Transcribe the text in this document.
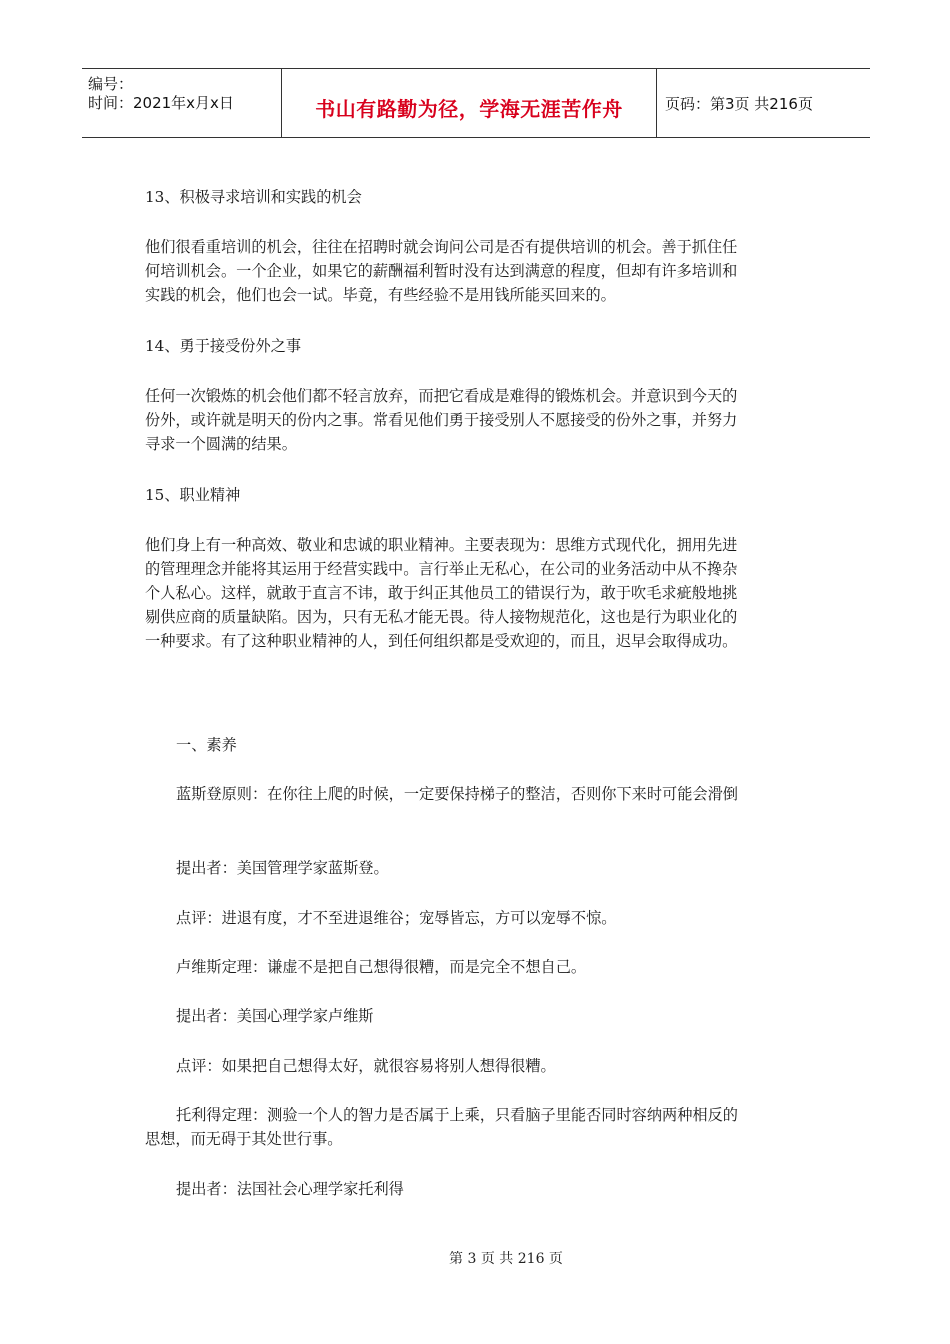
编号：
时间：2021年x月x日	书山有路勤为径，学海无涯苦作舟	页码：第3页 共216页

13、积极寻求培训和实践的机会

他们很看重培训的机会，往往在招聘时就会询问公司是否有提供培训的机会。善于抓住任

何培训机会。一个企业，如果它的薪酬福利暂时没有达到满意的程度，但却有许多培训和

实践的机会，他们也会一试。毕竟，有些经验不是用钱所能买回来的。

14、勇于接受份外之事

任何一次锻炼的机会他们都不轻言放弃，而把它看成是难得的锻炼机会。并意识到今天的

份外，或许就是明天的份内之事。常看见他们勇于接受别人不愿接受的份外之事，并努力

寻求一个圆满的结果。

15、职业精神

他们身上有一种高效、敬业和忠诚的职业精神。主要表现为：思维方式现代化，拥用先进

的管理理念并能将其运用于经营实践中。言行举止无私心，在公司的业务活动中从不搀杂

个人私心。这样，就敢于直言不讳，敢于纠正其他员工的错误行为，敢于吹毛求疵般地挑

剔供应商的质量缺陷。因为，只有无私才能无畏。待人接物规范化，这也是行为职业化的

一种要求。有了这种职业精神的人，到任何组织都是受欢迎的，而且，迟早会取得成功。

一、素养

蓝斯登原则：在你往上爬的时候，一定要保持梯子的整洁，否则你下来时可能会滑倒

提出者：美国管理学家蓝斯登。

点评：进退有度，才不至进退维谷；宠辱皆忘，方可以宠辱不惊。

卢维斯定理：谦虚不是把自己想得很糟，而是完全不想自己。

提出者：美国心理学家卢维斯

点评：如果把自己想得太好，就很容易将别人想得很糟。

托利得定理：测验一个人的智力是否属于上乘，只看脑子里能否同时容纳两种相反的

思想，而无碍于其处世行事。

提出者：法国社会心理学家托利得

第 3 页 共 216 页
